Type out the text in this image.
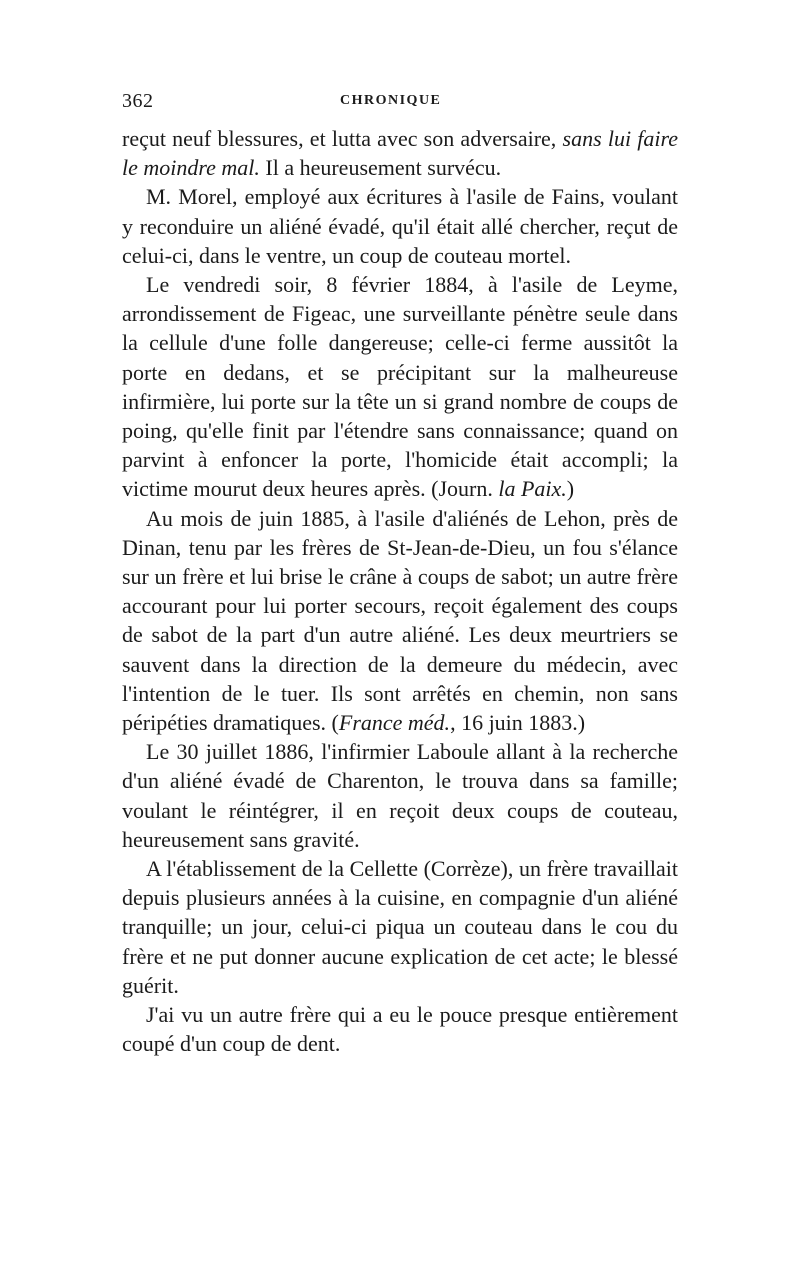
362	CHRONIQUE

reçut neuf blessures, et lutta avec son adversaire, sans lui faire le moindre mal. Il a heureusement survécu.

M. Morel, employé aux écritures à l'asile de Fains, voulant y reconduire un aliéné évadé, qu'il était allé chercher, reçut de celui-ci, dans le ventre, un coup de couteau mortel.

Le vendredi soir, 8 février 1884, à l'asile de Leyme, arrondissement de Figeac, une surveillante pénètre seule dans la cellule d'une folle dangereuse; celle-ci ferme aussitôt la porte en dedans, et se précipitant sur la malheureuse infirmière, lui porte sur la tête un si grand nombre de coups de poing, qu'elle finit par l'étendre sans connaissance; quand on parvint à enfoncer la porte, l'homicide était accompli; la victime mourut deux heures après. (Journ. la Paix.)

Au mois de juin 1885, à l'asile d'aliénés de Lehon, près de Dinan, tenu par les frères de St-Jean-de-Dieu, un fou s'élance sur un frère et lui brise le crâne à coups de sabot; un autre frère accourant pour lui porter secours, reçoit également des coups de sabot de la part d'un autre aliéné. Les deux meurtriers se sauvent dans la direction de la demeure du médecin, avec l'intention de le tuer. Ils sont arrêtés en chemin, non sans péripéties dramatiques. (France méd., 16 juin 1883.)

Le 30 juillet 1886, l'infirmier Laboule allant à la recherche d'un aliéné évadé de Charenton, le trouva dans sa famille; voulant le réintégrer, il en reçoit deux coups de couteau, heureusement sans gravité.

A l'établissement de la Cellette (Corrèze), un frère travaillait depuis plusieurs années à la cuisine, en compagnie d'un aliéné tranquille; un jour, celui-ci piqua un couteau dans le cou du frère et ne put donner aucune explication de cet acte; le blessé guérit.

J'ai vu un autre frère qui a eu le pouce presque entièrement coupé d'un coup de dent.
